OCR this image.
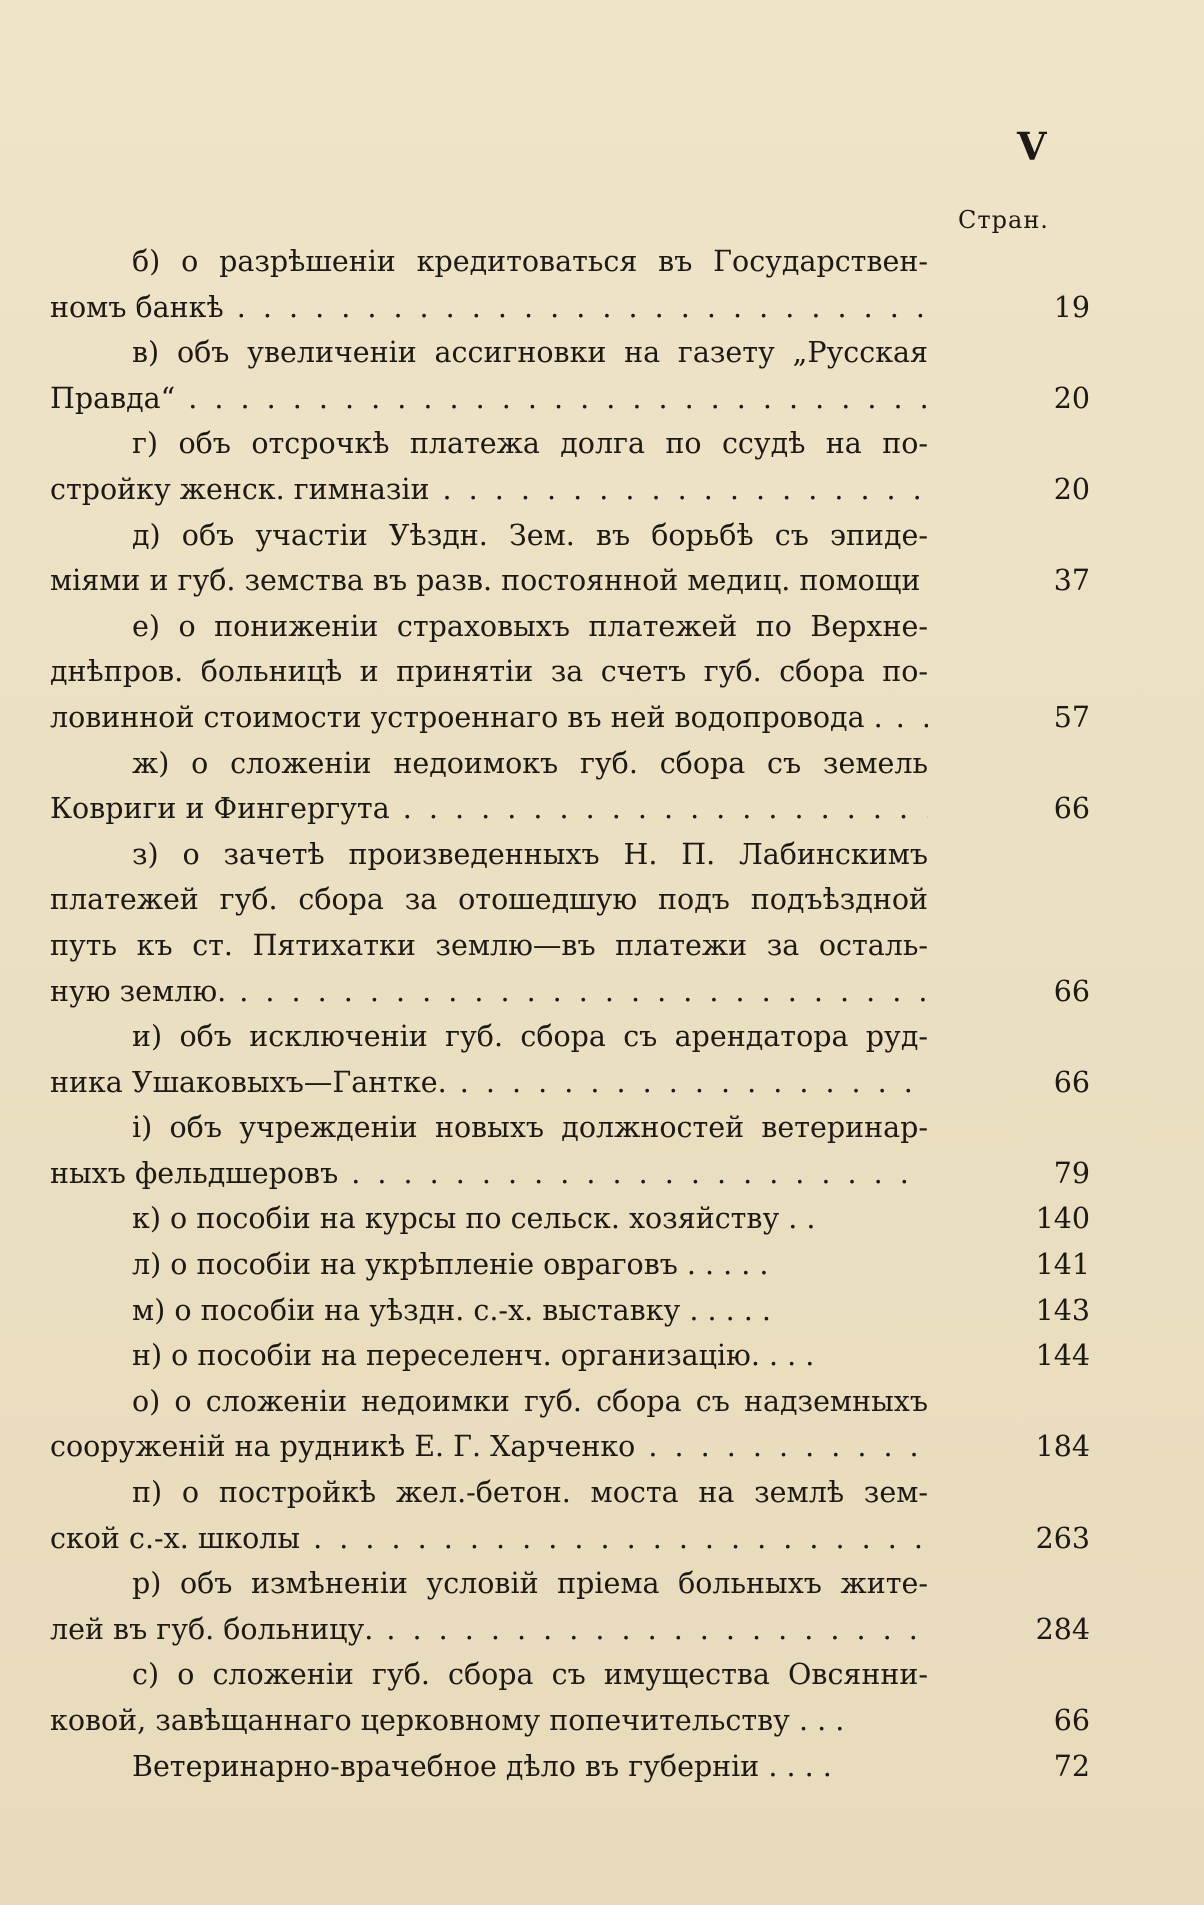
V
Стран.
б) о разрѣшеніи кредитоваться въ Государствен-
номъ банкѣ . . .	19
в) объ увеличеніи ассигновки на газету „Русская
Правда“ . . .	20
г) объ отсрочкѣ платежа долга по ссудѣ на по-
стройку женск. гимназіи . . .	20
д) объ участіи Уѣздн. Зем. въ борьбѣ съ эпиде-
міями и губ. земства въ разв. постоянной медиц. помощи . . .	37
е) о пониженіи страховыхъ платежей по Верхне-
днѣпров. больницѣ и принятіи за счетъ губ. сбора по-
ловинной стоимости устроеннаго въ ней водопровода . . . .	57
ж) о сложеніи недоимокъ губ. сбора съ земель
Ковриги и Фингергута . . .	66
з) о зачетѣ произведенныхъ Н. П. Лабинскимъ
платежей губ. сбора за отошедшую подъ подъѣздной
путь къ ст. Пятихатки землю—въ платежи за осталь-
ную землю. . . .	66
и) объ исключеніи губ. сбора съ арендатора руд-
ника Ушаковыхъ—Гантке. . . .	66
і) объ учрежденіи новыхъ должностей ветеринар-
ныхъ фельдшеровъ . . .	79
к) о пособіи на курсы по сельск. хозяйству . .	140
л) о пособіи на укрѣпленіе овраговъ . . . . .	141
м) о пособіи на уѣздн. с.-х. выставку . . . . .	143
н) о пособіи на переселенч. организацію. . . .	144
о) о сложеніи недоимки губ. сбора съ надземныхъ
сооруженій на рудникѣ Е. Г. Харченко . . .	184
п) о постройкѣ жел.-бетон. моста на землѣ зем-
ской с.-х. школы . . .	263
р) объ измѣненіи условій пріема больныхъ жите-
лей въ губ. больницу. . . .	284
с) о сложеніи губ. сбора съ имущества Овсянни-
ковой, завѣщаннаго церковному попечительству . . .	66
Ветеринарно-врачебное дѣло въ губерніи . . . .	72
